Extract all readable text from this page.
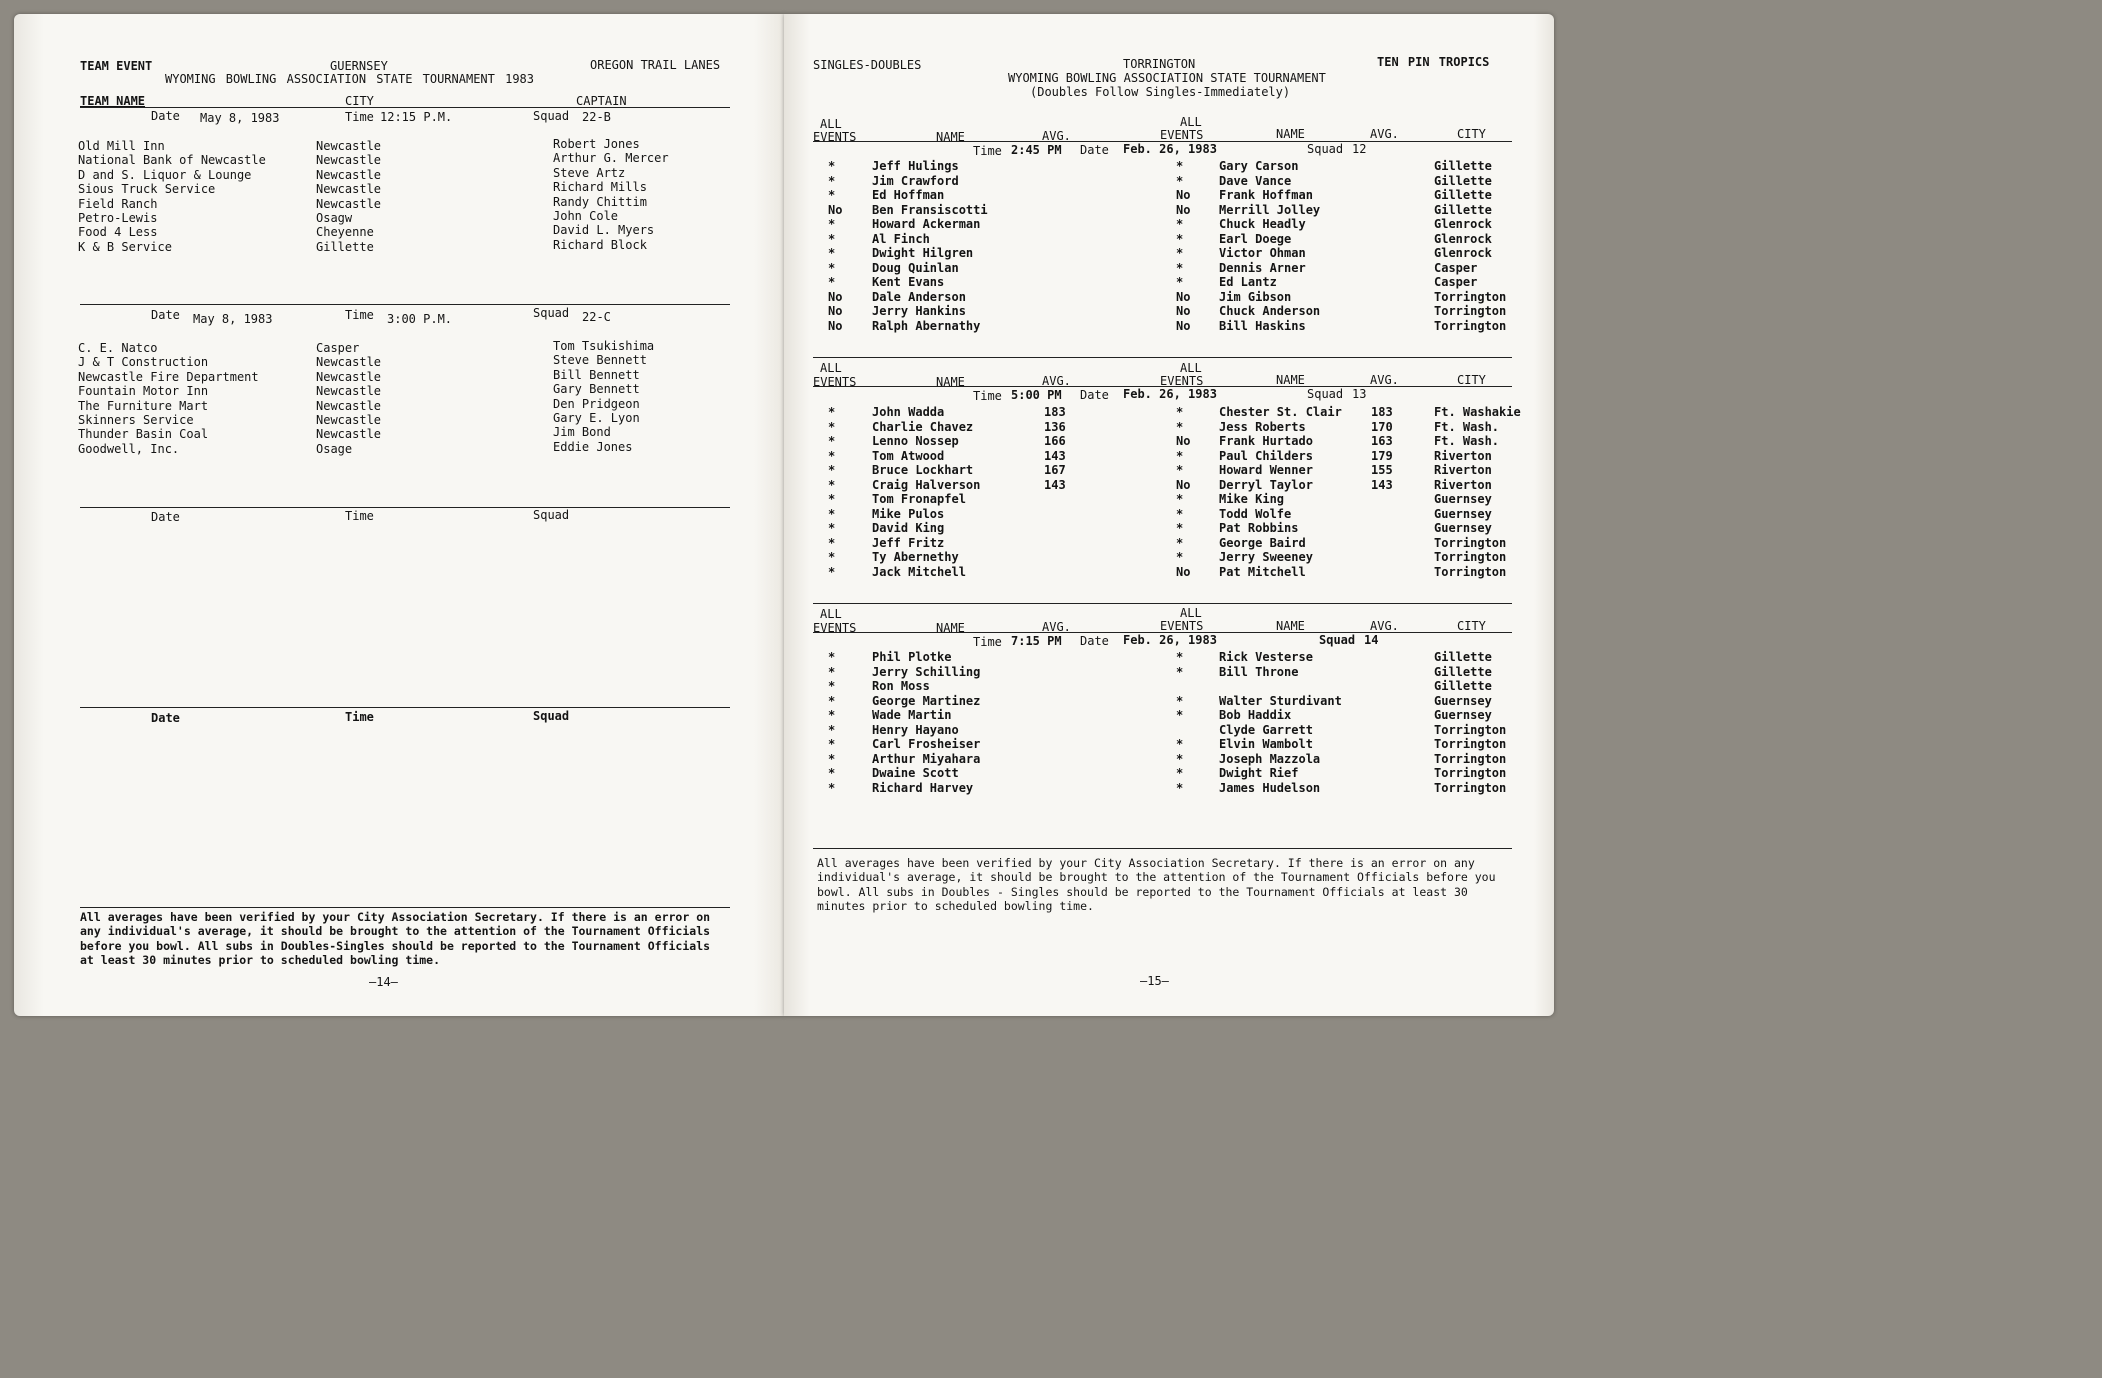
TEAM EVENT	GUERNSEY	OREGON TRAIL LANES
WYOMING BOWLING ASSOCIATION STATE TOURNAMENT 1983
TEAM NAME	CITY	CAPTAIN
Date May 8, 1983	Time 12:15 P.M.	Squad 22-B
Old Mill Inn	Newcastle	Robert Jones
National Bank of Newcastle	Newcastle	Arthur G. Mercer
D and S. Liquor & Lounge	Newcastle	Steve Artz
Sious Truck Service	Newcastle	Richard Mills
Field Ranch	Newcastle	Randy Chittim
Petro-Lewis	Osagw	John Cole
Food 4 Less	Cheyenne	David L. Myers
K & B Service	Gillette	Richard Block
Date May 8, 1983	Time 3:00 P.M.	Squad 22-C
C. E. Natco	Casper	Tom Tsukishima
J & T Construction	Newcastle	Steve Bennett
Newcastle Fire Department	Newcastle	Bill Bennett
Fountain Motor Inn	Newcastle	Gary Bennett
The Furniture Mart	Newcastle	Den Pridgeon
Skinners Service	Newcastle	Gary E. Lyon
Thunder Basin Coal	Newcastle	Jim Bond
Goodwell, Inc.	Osage	Eddie Jones
Date	Time	Squad
Date	Time	Squad
All averages have been verified by your City Association Secretary. If there is an error on any individual's average, it should be brought to the attention of the Tournament Officials before you bowl. All subs in Doubles-Singles should be reported to the Tournament Officials at least 30 minutes prior to scheduled bowling time.
—14—
SINGLES-DOUBLES	TORRINGTON	TEN PIN TROPICS
WYOMING BOWLING ASSOCIATION STATE TOURNAMENT
(Doubles Follow Singles-Immediately)
ALL
EVENTS	NAME	AVG.
ALL
EVENTS	NAME	AVG.	CITY
Time 2:45 PM Date Feb. 26, 1983	Squad 12
*	Jeff Hulings	*	Gary Carson	Gillette
*	Jim Crawford	*	Dave Vance	Gillette
*	Ed Hoffman	No Frank Hoffman	Gillette
No Ben Fransiscotti	No Merrill Jolley	Gillette
*	Howard Ackerman	*	Chuck Headly	Glenrock
*	Al Finch	*	Earl Doege	Glenrock
*	Dwight Hilgren	*	Victor Ohman	Glenrock
*	Doug Quinlan	*	Dennis Arner	Casper
*	Kent Evans	*	Ed Lantz	Casper
No Dale Anderson	No Jim Gibson	Torrington
No Jerry Hankins	No Chuck Anderson	Torrington
No Ralph Abernathy	No Bill Haskins	Torrington
ALL
EVENTS	NAME	AVG.
ALL
EVENTS	NAME	AVG.	CITY
Time 5:00 PM Date Feb. 26, 1983	Squad 13
*	John Wadda	183	*	Chester St. Clair 183	Ft. Washakie
*	Charlie Chavez	136	*	Jess Roberts	170	Ft. Wash.
*	Lenno Nossep	166	No Frank Hurtado	163	Ft. Wash.
*	Tom Atwood	143	*	Paul Childers	179	Riverton
*	Bruce Lockhart	167	*	Howard Wenner	155	Riverton
*	Craig Halverson	143	No Derryl Taylor	143	Riverton
*	Tom Fronapfel	*	Mike King	Guernsey
*	Mike Pulos	*	Todd Wolfe	Guernsey
*	David King	*	Pat Robbins	Guernsey
*	Jeff Fritz	*	George Baird	Torrington
*	Ty Abernethy	*	Jerry Sweeney	Torrington
*	Jack Mitchell	No Pat Mitchell	Torrington
ALL
EVENTS	NAME	AVG.
ALL
EVENTS	NAME	AVG.	CITY
Time 7:15 PM Date Feb. 26, 1983	Squad 14
*	Phil Plotke	*	Rick Vesterse	Gillette
*	Jerry Schilling	*	Bill Throne	Gillette
*	Ron Moss	Gillette
*	George Martinez	*	Walter Sturdivant	Guernsey
*	Wade Martin	*	Bob Haddix	Guernsey
*	Henry Hayano	Clyde Garrett	Torrington
*	Carl Frosheiser	*	Elvin Wambolt	Torrington
*	Arthur Miyahara	*	Joseph Mazzola	Torrington
*	Dwaine Scott	*	Dwight Rief	Torrington
*	Richard Harvey	*	James Hudelson	Torrington
All averages have been verified by your City Association Secretary. If there is an error on any individual's average, it should be brought to the attention of the Tournament Officials before you bowl. All subs in Doubles - Singles should be reported to the Tournament Officials at least 30 minutes prior to scheduled bowling time.
—15—
